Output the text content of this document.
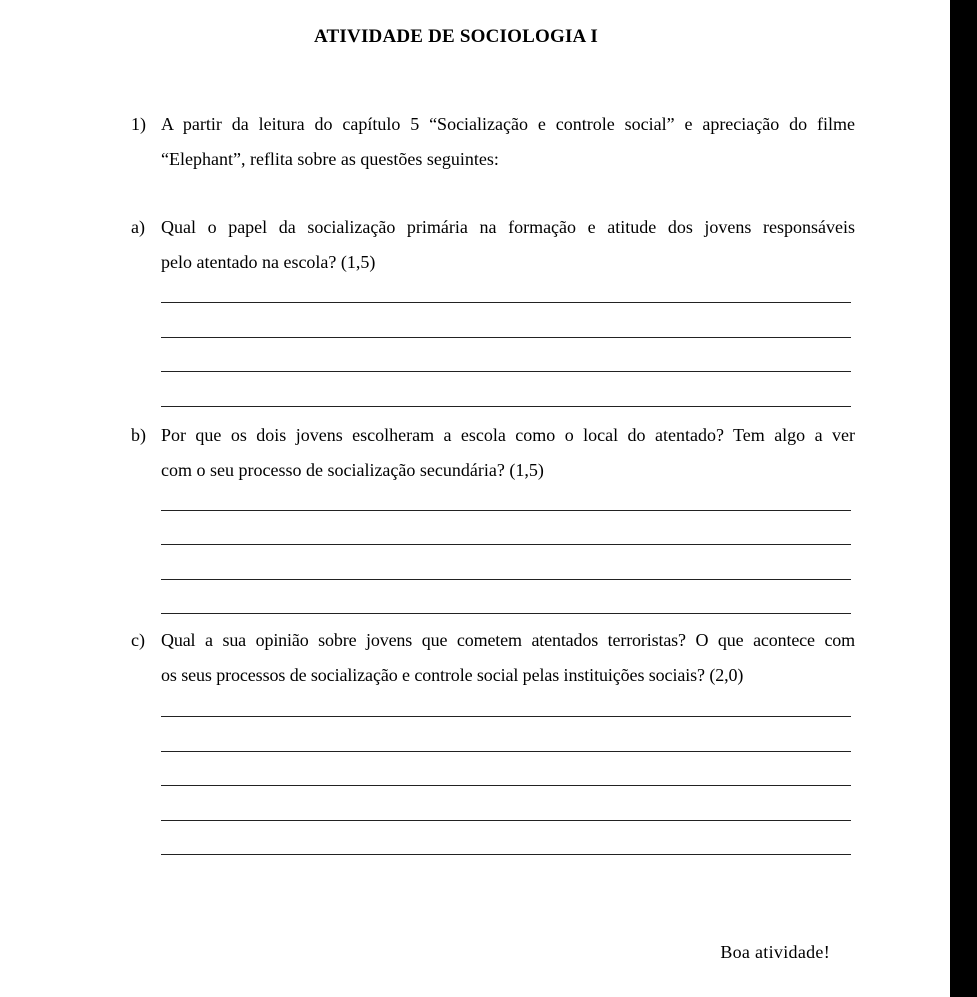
ATIVIDADE DE SOCIOLOGIA I
1) A partir da leitura do capítulo 5 “Socialização e controle social” e apreciação do filme
“Elephant”, reflita sobre as questões seguintes:
a) Qual o papel da socialização primária na formação e atitude dos jovens responsáveis
pelo atentado na escola? (1,5)
b) Por que os dois jovens escolheram a escola como o local do atentado? Tem algo a ver
com o seu processo de socialização secundária? (1,5)
c) Qual a sua opinião sobre jovens que cometem atentados terroristas? O que acontece com
os seus processos de socialização e controle social pelas instituições sociais? (2,0)
Boa atividade!
